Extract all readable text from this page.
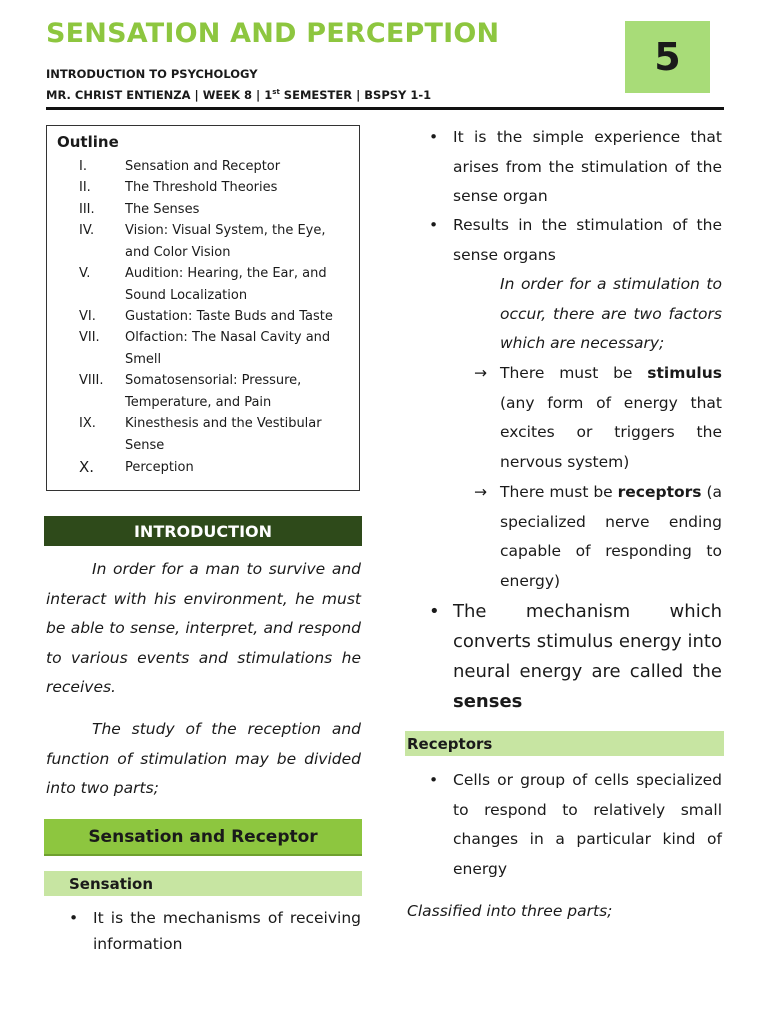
SENSATION AND PERCEPTION
INTRODUCTION TO PSYCHOLOGY
MR. CHRIST ENTIENZA | WEEK 8 | 1st SEMESTER | BSPSY 1-1
5
Outline
I.	Sensation and Receptor
II.	The Threshold Theories
III. The Senses
IV. Vision: Visual System, the Eye, and Color Vision
V.	Audition: Hearing, the Ear, and Sound Localization
VI. Gustation: Taste Buds and Taste
VII. Olfaction: The Nasal Cavity and Smell
VIII. Somatosensorial: Pressure, Temperature, and Pain
IX. Kinesthesis and the Vestibular Sense
X. Perception
INTRODUCTION
In order for a man to survive and interact with his environment, he must be able to sense, interpret, and respond to various events and stimulations he receives.
The study of the reception and function of stimulation may be divided into two parts;
Sensation and Receptor
Sensation
• It is the mechanisms of receiving information
• It is the simple experience that arises from the stimulation of the sense organ
• Results in the stimulation of the sense organs
In order for a stimulation to occur, there are two factors which are necessary;
→ There must be stimulus (any form of energy that excites or triggers the nervous system)
→ There must be receptors (a specialized nerve ending capable of responding to energy)
• The mechanism which converts stimulus energy into neural energy are called the senses
Receptors
• Cells or group of cells specialized to respond to relatively small changes in a particular kind of energy
Classified into three parts;
